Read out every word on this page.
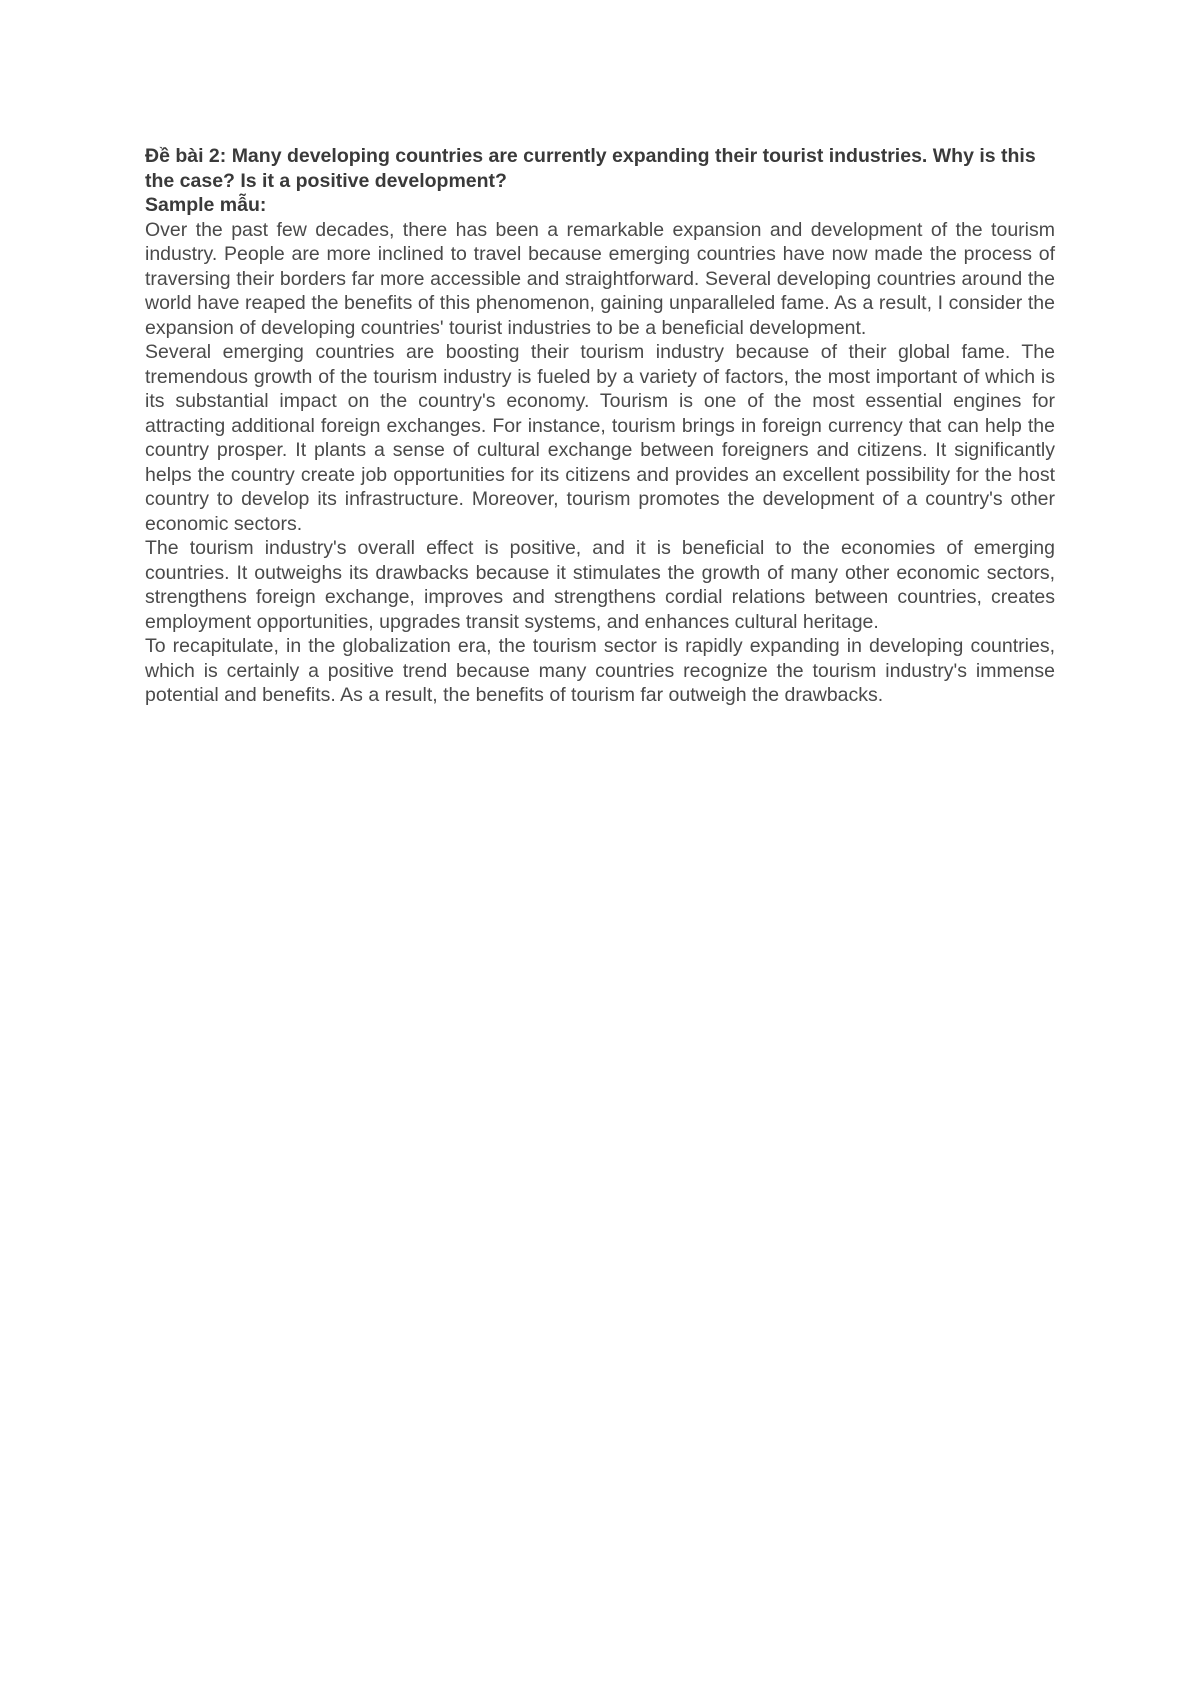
Đề bài 2: Many developing countries are currently expanding their tourist industries. Why is this the case? Is it a positive development?

Sample mẫu:

Over the past few decades, there has been a remarkable expansion and development of the tourism industry. People are more inclined to travel because emerging countries have now made the process of traversing their borders far more accessible and straightforward. Several developing countries around the world have reaped the benefits of this phenomenon, gaining unparalleled fame. As a result, I consider the expansion of developing countries' tourist industries to be a beneficial development.

Several emerging countries are boosting their tourism industry because of their global fame. The tremendous growth of the tourism industry is fueled by a variety of factors, the most important of which is its substantial impact on the country's economy. Tourism is one of the most essential engines for attracting additional foreign exchanges. For instance, tourism brings in foreign currency that can help the country prosper. It plants a sense of cultural exchange between foreigners and citizens. It significantly helps the country create job opportunities for its citizens and provides an excellent possibility for the host country to develop its infrastructure. Moreover, tourism promotes the development of a country's other economic sectors.

The tourism industry's overall effect is positive, and it is beneficial to the economies of emerging countries. It outweighs its drawbacks because it stimulates the growth of many other economic sectors, strengthens foreign exchange, improves and strengthens cordial relations between countries, creates employment opportunities, upgrades transit systems, and enhances cultural heritage.

To recapitulate, in the globalization era, the tourism sector is rapidly expanding in developing countries, which is certainly a positive trend because many countries recognize the tourism industry's immense potential and benefits. As a result, the benefits of tourism far outweigh the drawbacks.
